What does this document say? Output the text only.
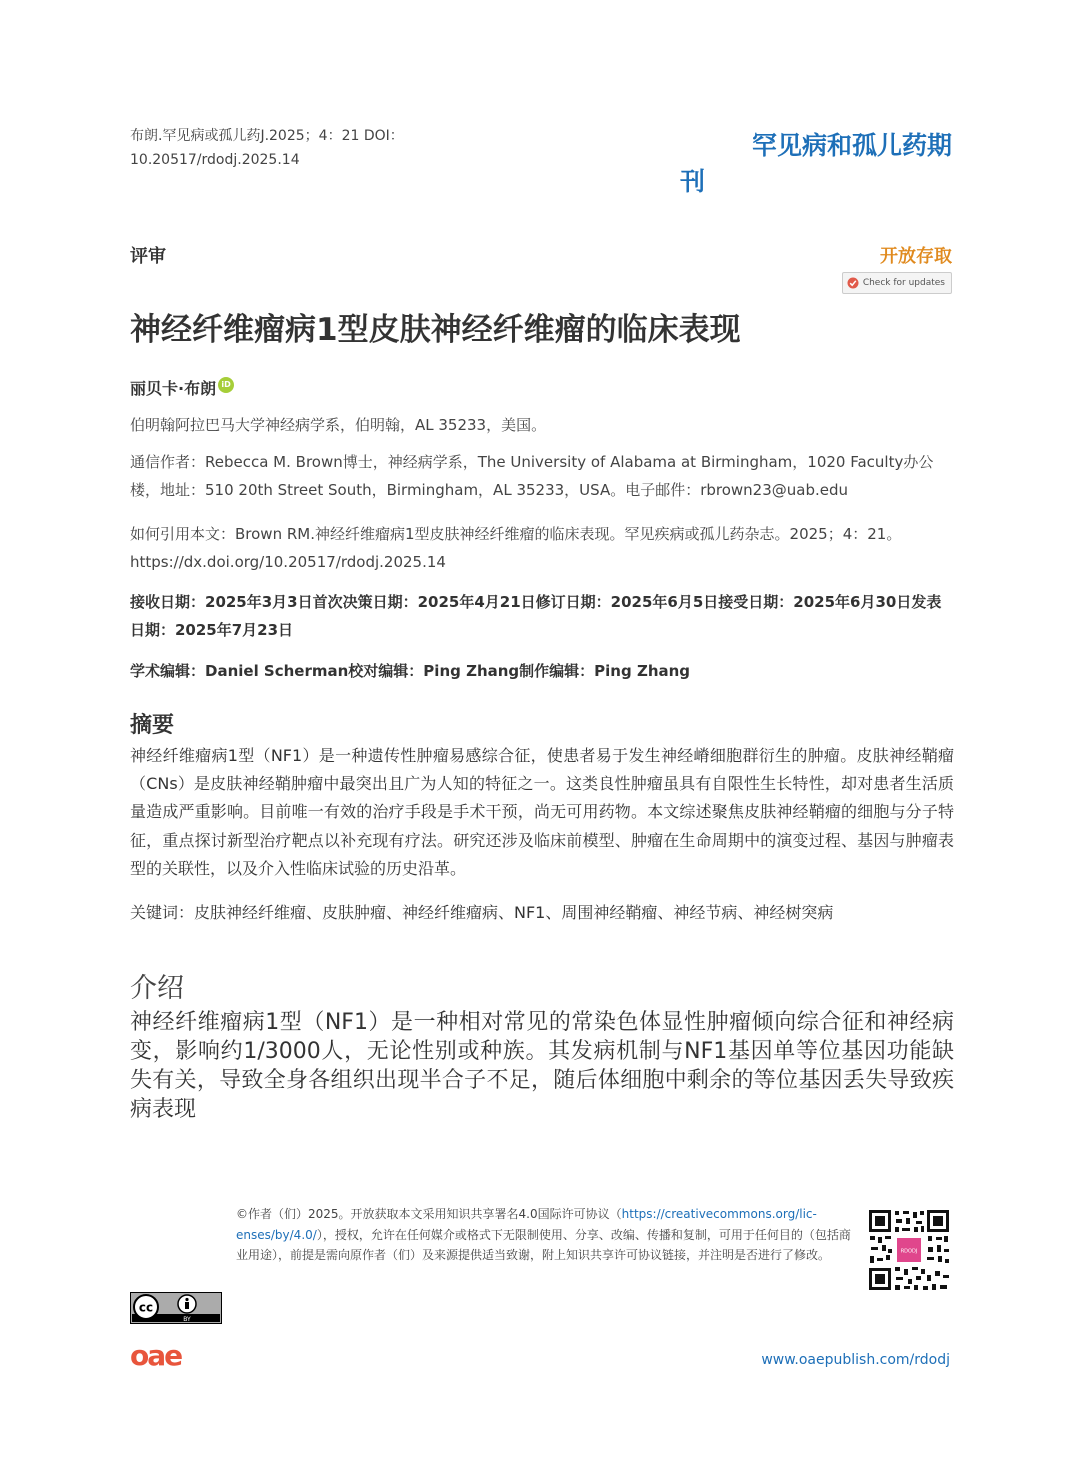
布朗.罕见病或孤儿药J.2025；4：21 DOI：
10.20517/rdodj.2025.14	罕见病和孤儿药期
刊
评审	开放存取
Check for updates
神经纤维瘤病1型皮肤神经纤维瘤的临床表现
丽贝卡·布朗 iD
伯明翰阿拉巴马大学神经病学系，伯明翰，AL 35233，美国。
通信作者：Rebecca M. Brown博士，神经病学系，The University of Alabama at Birmingham，1020 Faculty办公楼，地址：510 20th Street South，Birmingham，AL 35233，USA。电子邮件：rbrown23@uab.edu
如何引用本文：Brown RM.神经纤维瘤病1型皮肤神经纤维瘤的临床表现。罕见疾病或孤儿药杂志。2025；4：21。https://dx.doi.org/10.20517/rdodj.2025.14
接收日期：2025年3月3日首次决策日期：2025年4月21日修订日期：2025年6月5日接受日期：2025年6月30日发表日期：2025年7月23日
学术编辑：Daniel Scherman校对编辑：Ping Zhang制作编辑：Ping Zhang
摘要
神经纤维瘤病1型（NF1）是一种遗传性肿瘤易感综合征，使患者易于发生神经嵴细胞群衍生的肿瘤。皮肤神经鞘瘤（CNs）是皮肤神经鞘肿瘤中最突出且广为人知的特征之一。这类良性肿瘤虽具有自限性生长特性，却对患者生活质量造成严重影响。目前唯一有效的治疗手段是手术干预，尚无可用药物。本文综述聚焦皮肤神经鞘瘤的细胞与分子特征，重点探讨新型治疗靶点以补充现有疗法。研究还涉及临床前模型、肿瘤在生命周期中的演变过程、基因与肿瘤表型的关联性，以及介入性临床试验的历史沿革。
关键词：皮肤神经纤维瘤、皮肤肿瘤、神经纤维瘤病、NF1、周围神经鞘瘤、神经节病、神经树突病
介绍
神经纤维瘤病1型（NF1）是一种相对常见的常染色体显性肿瘤倾向综合征和神经病变，影响约1/3000人，无论性别或种族。其发病机制与NF1基因单等位基因功能缺失有关，导致全身各组织出现半合子不足，随后体细胞中剩余的等位基因丢失导致疾病表现
©作者（们）2025。开放获取本文采用知识共享署名4.0国际许可协议（https://creativecommons.org/lic-enses/by/4.0/），授权，允许在任何媒介或格式下无限制使用、分享、改编、传播和复制，可用于任何目的（包括商业用途），前提是需向原作者（们）及来源提供适当致谢，附上知识共享许可协议链接，并注明是否进行了修改。	RDODJ
cc
BY
oae	www.oaepublish.com/rdodj
